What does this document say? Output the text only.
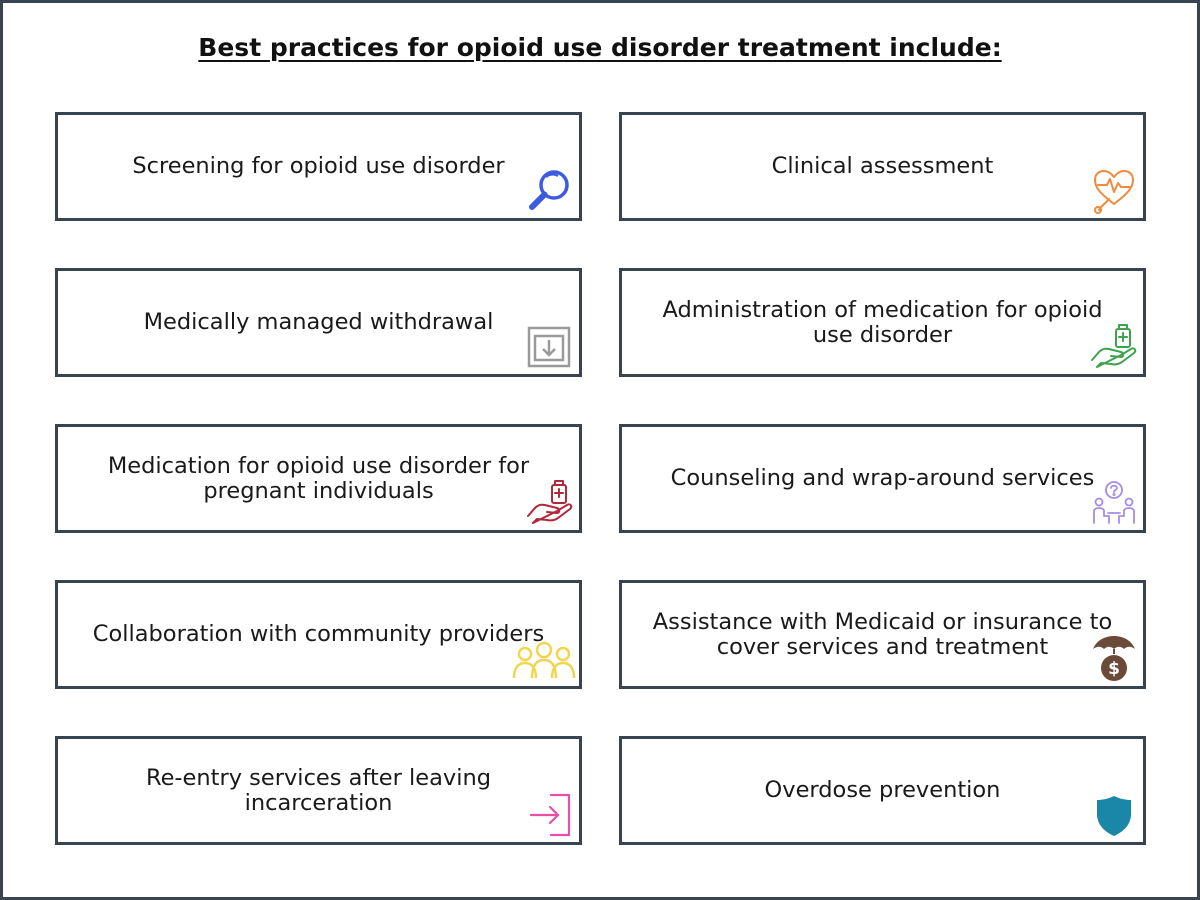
Best practices for opioid use disorder treatment include:
Screening for opioid use disorder	Clinical assessment
Medically managed withdrawal	Administration of medication for opioid use disorder
Medication for opioid use disorder for pregnant individuals	Counseling and wrap-around services
Collaboration with community providers	Assistance with Medicaid or insurance to cover services and treatment
$
Re-entry services after leaving incarceration	Overdose prevention
